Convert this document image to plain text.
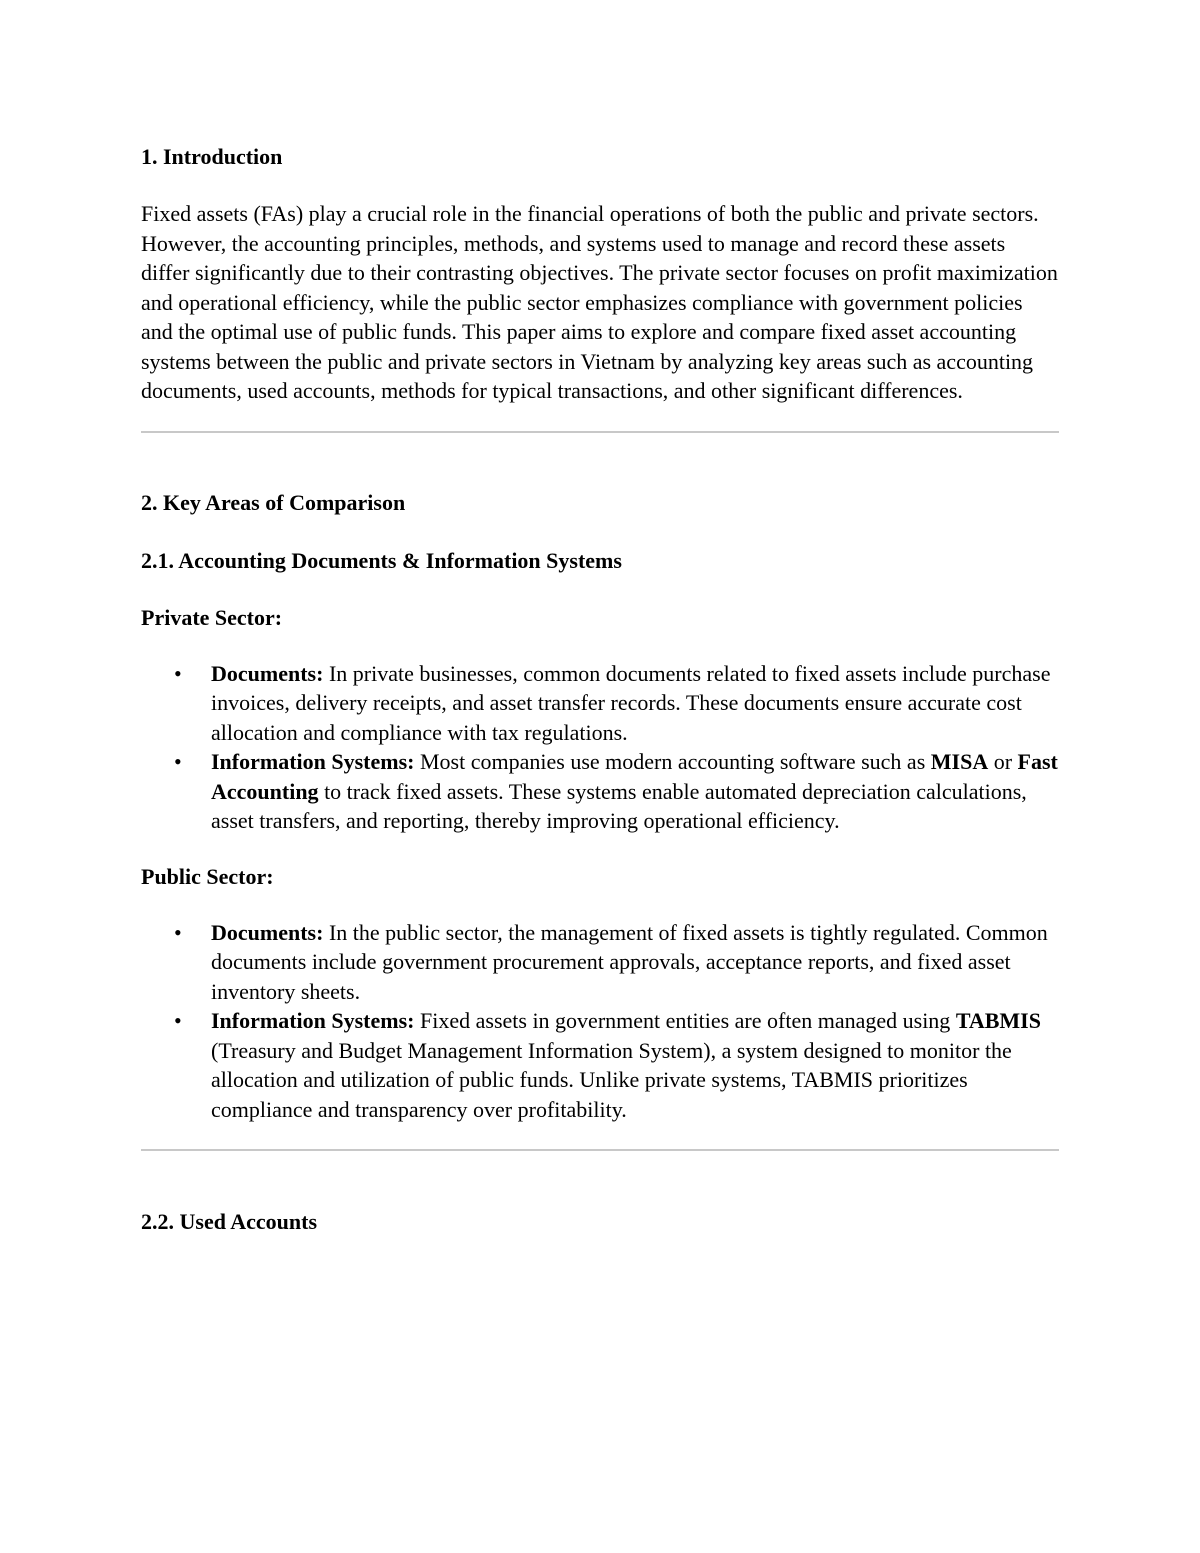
1. Introduction

Fixed assets (FAs) play a crucial role in the financial operations of both the public and private sectors. However, the accounting principles, methods, and systems used to manage and record these assets differ significantly due to their contrasting objectives. The private sector focuses on profit maximization and operational efficiency, while the public sector emphasizes compliance with government policies and the optimal use of public funds. This paper aims to explore and compare fixed asset accounting systems between the public and private sectors in Vietnam by analyzing key areas such as accounting documents, used accounts, methods for typical transactions, and other significant differences.

2. Key Areas of Comparison
2.1. Accounting Documents & Information Systems
Private Sector:
• Documents: In private businesses, common documents related to fixed assets include purchase invoices, delivery receipts, and asset transfer records. These documents ensure accurate cost allocation and compliance with tax regulations.
• Information Systems: Most companies use modern accounting software such as MISA or Fast Accounting to track fixed assets. These systems enable automated depreciation calculations, asset transfers, and reporting, thereby improving operational efficiency.
Public Sector:
• Documents: In the public sector, the management of fixed assets is tightly regulated. Common documents include government procurement approvals, acceptance reports, and fixed asset inventory sheets.
• Information Systems: Fixed assets in government entities are often managed using TABMIS (Treasury and Budget Management Information System), a system designed to monitor the allocation and utilization of public funds. Unlike private systems, TABMIS prioritizes compliance and transparency over profitability.
2.2. Used Accounts
